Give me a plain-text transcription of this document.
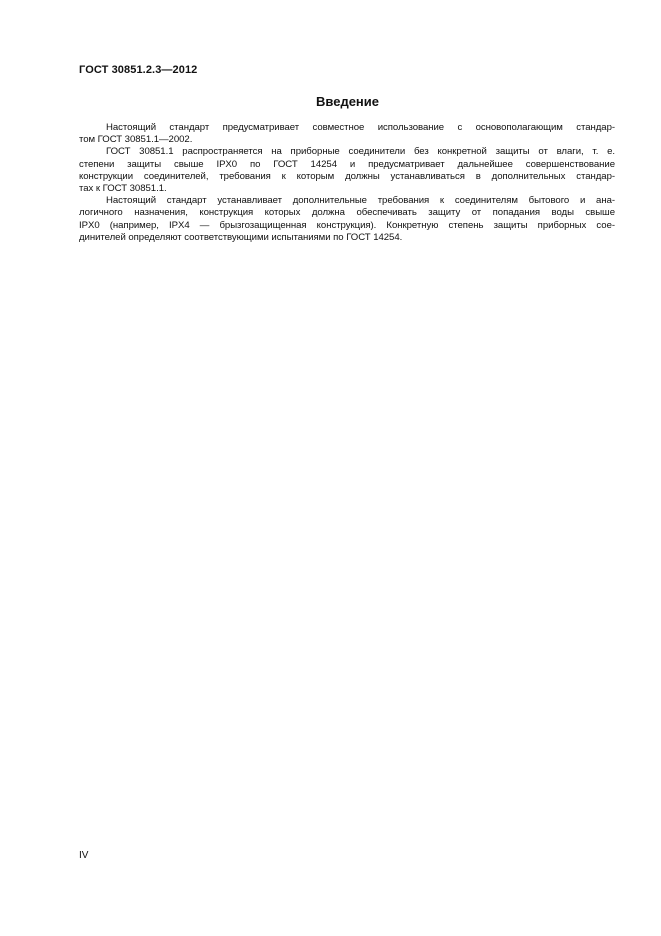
ГОСТ 30851.2.3—2012
Введение
Настоящий стандарт предусматривает совместное использование с основополагающим стандар-
том ГОСТ 30851.1—2002.
ГОСТ 30851.1 распространяется на приборные соединители без конкретной защиты от влаги, т. е.
степени защиты свыше IPX0 по ГОСТ 14254 и предусматривает дальнейшее совершенствование
конструкции соединителей, требования к которым должны устанавливаться в дополнительных стандар-
тах к ГОСТ 30851.1.
Настоящий стандарт устанавливает дополнительные требования к соединителям бытового и ана-
логичного назначения, конструкция которых должна обеспечивать защиту от попадания воды свыше
IPX0 (например, IPX4 — брызгозащищенная конструкция). Конкретную степень защиты приборных сое-
динителей определяют соответствующими испытаниями по ГОСТ 14254.
IV
